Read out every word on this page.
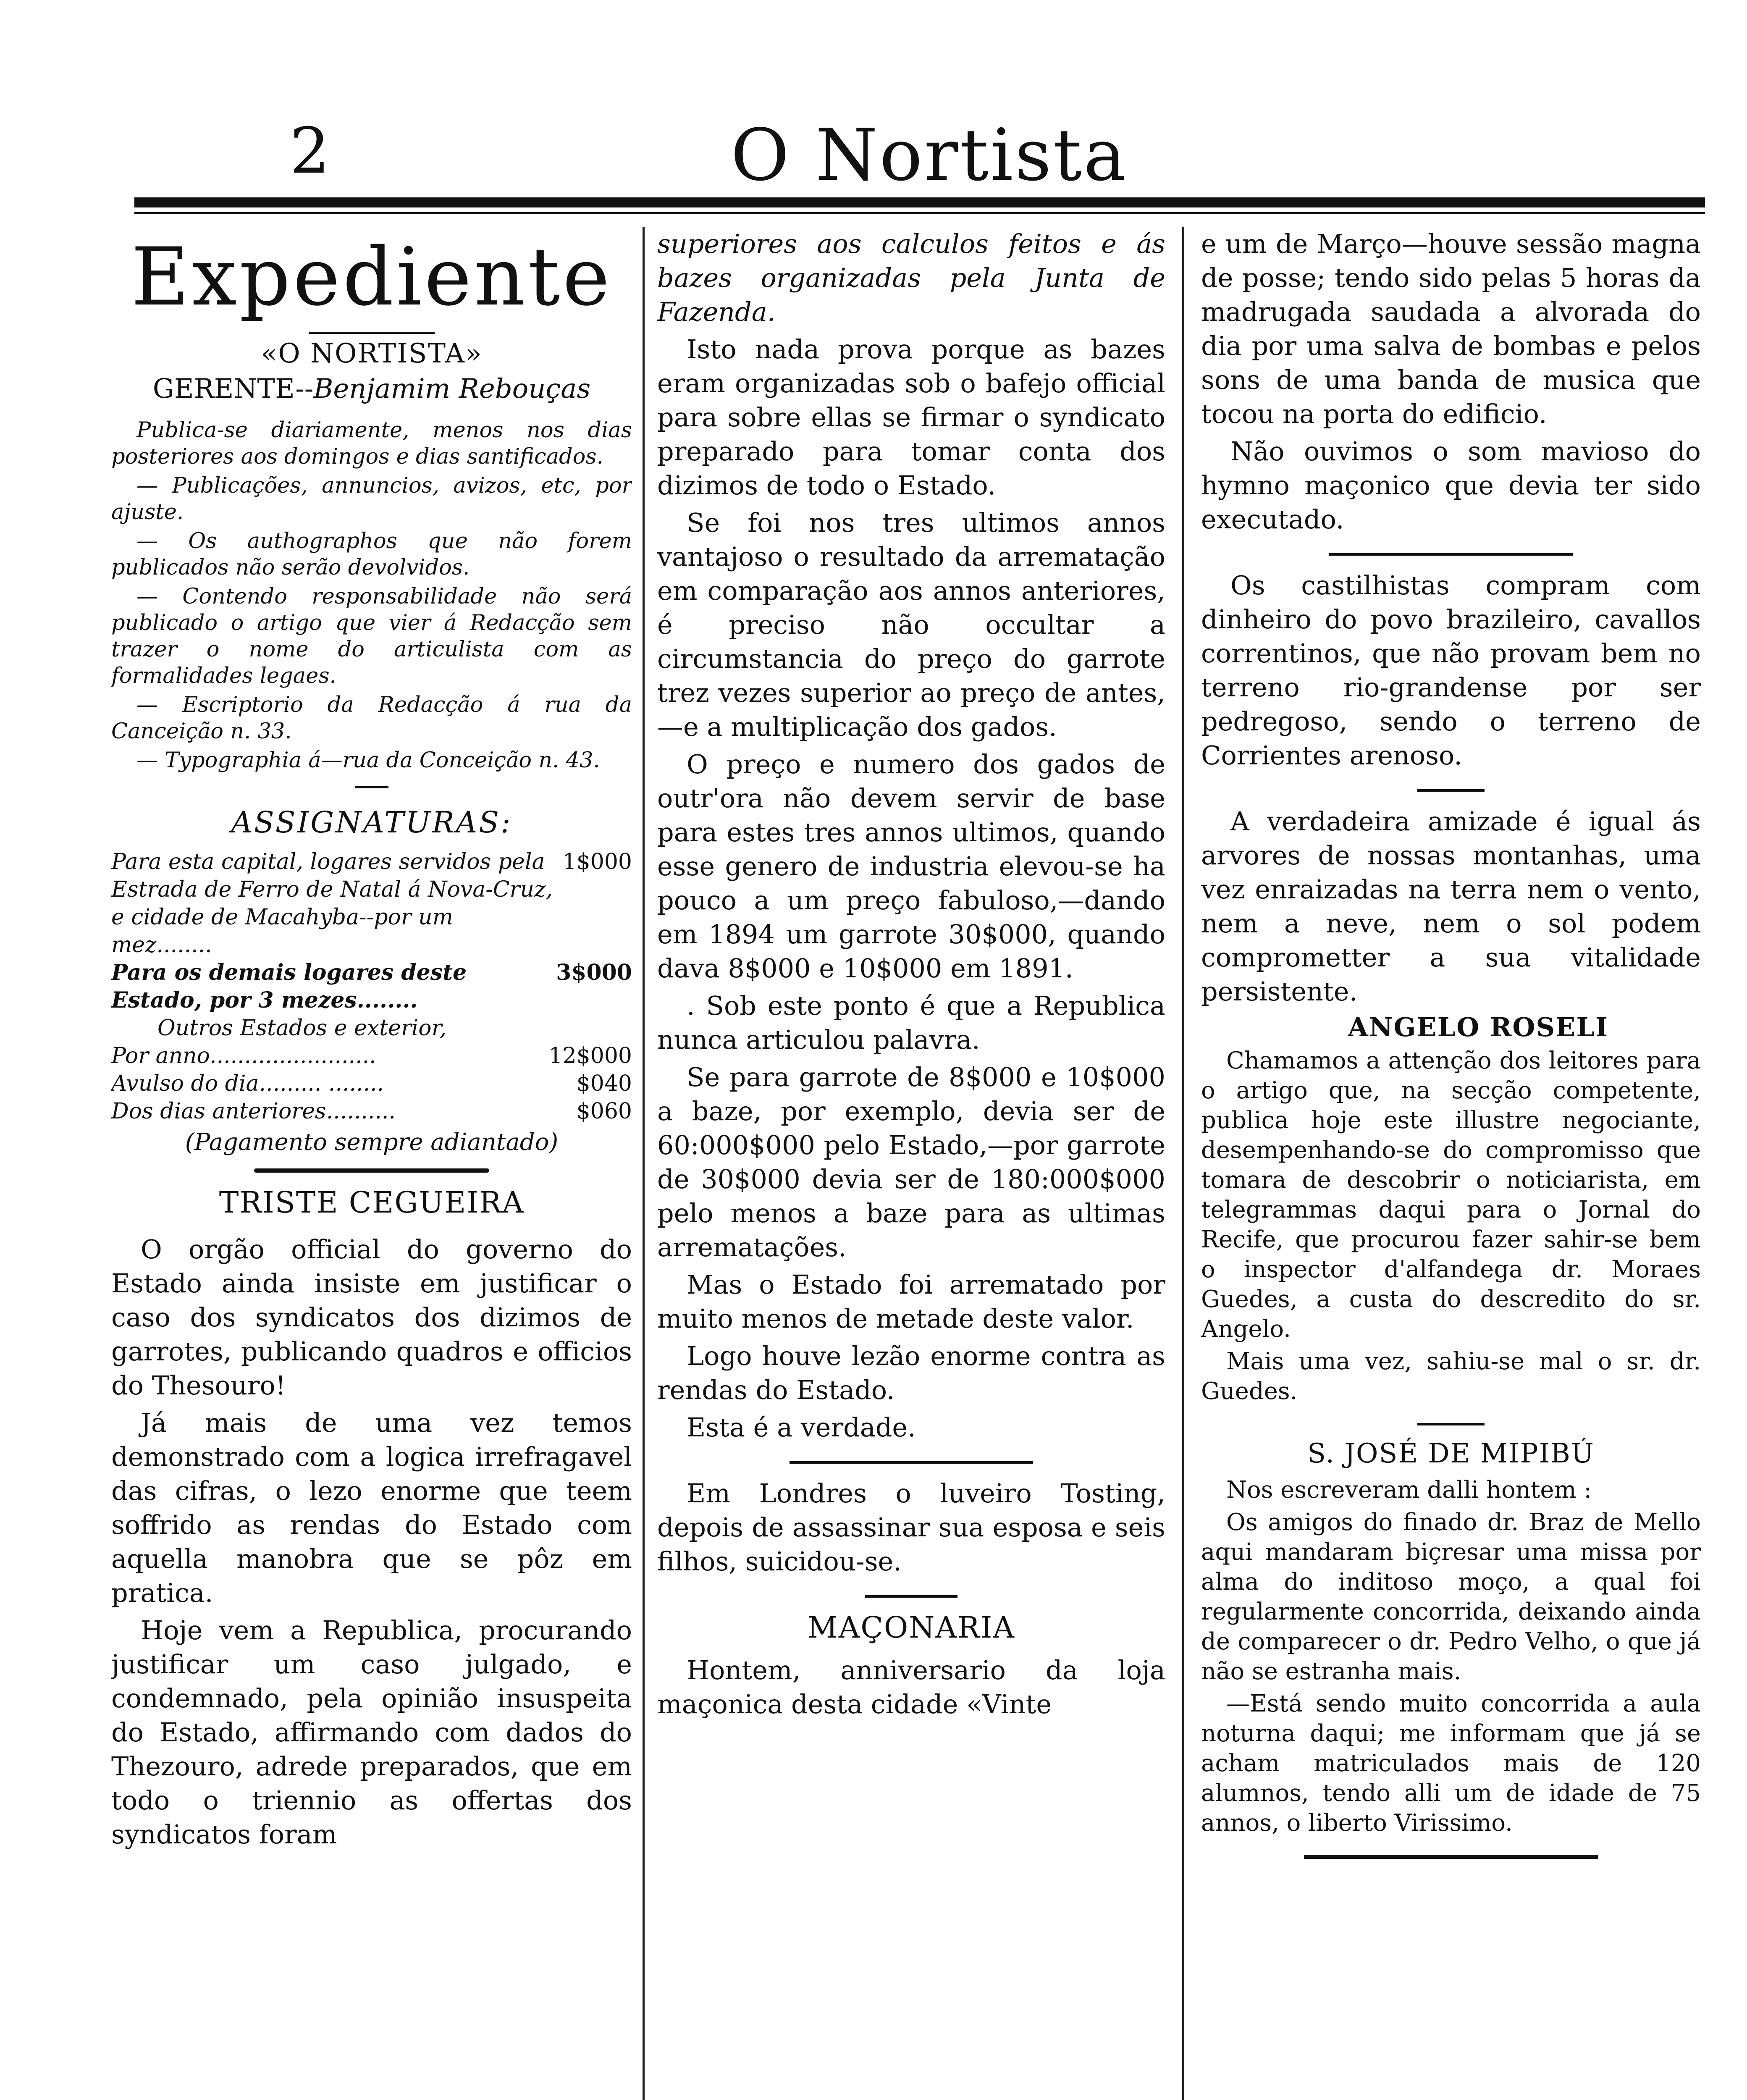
2	O Nortista
Expediente
«O NORTISTA»
GERENTE--Benjamim Rebouças

Publica-se diariamente, menos nos dias posteriores aos domingos e dias santificados.

— Publicações, annuncios, avizos, etc, por ajuste.

— Os authographos que não forem publicados não serão devolvidos.

— Contendo responsabilidade não será publicado o artigo que vier á Redacção sem trazer o nome do articulista com as formalidades legaes.

— Escriptorio da Redacção á rua da Canceição n. 33.

— Typographia á—rua da Conceição n. 43.

ASSIGNATURAS:
Para esta capital, logares servidos pela Estrada de Ferro de Natal á Nova-Cruz, e cidade de Macahyba--por um mez........
1$000
Para os demais logares deste Estado, por 3 mezes........
3$000
Outros Estados e exterior,
Por anno........................	12$000
Avulso do dia......... ........	$040
Dos dias anteriores..........	$060
(Pagamento sempre adiantado)
TRISTE CEGUEIRA

O orgão official do governo do Estado ainda insiste em justificar o caso dos syndicatos dos dizimos de garrotes, publicando quadros e officios do Thesouro!

Já mais de uma vez temos demonstrado com a logica irrefragavel das cifras, o lezo enorme que teem soffrido as rendas do Estado com aquella manobra que se pôz em pratica.

Hoje vem a Republica, procurando justificar um caso julgado, e condemnado, pela opinião insuspeita do Estado, affirmando com dados do Thezouro, adrede preparados, que em todo o triennio as offertas dos syndicatos foram

superiores aos calculos feitos e ás bazes organizadas pela Junta de Fazenda.

Isto nada prova porque as bazes eram organizadas sob o bafejo official para sobre ellas se firmar o syndicato preparado para tomar conta dos dizimos de todo o Estado.

Se foi nos tres ultimos annos vantajoso o resultado da arrematação em comparação aos annos anteriores, é preciso não occultar a circumstancia do preço do garrote trez vezes superior ao preço de antes,—e a multiplicação dos gados.

O preço e numero dos gados de outr'ora não devem servir de base para estes tres annos ultimos, quando esse genero de industria elevou-se ha pouco a um preço fabuloso,—dando em 1894 um garrote 30$000, quando dava 8$000 e 10$000 em 1891.

. Sob este ponto é que a Republica nunca articulou palavra.

Se para garrote de 8$000 e 10$000 a baze, por exemplo, devia ser de 60:000$000 pelo Estado,—por garrote de 30$000 devia ser de 180:000$000 pelo menos a baze para as ultimas arrematações.

Mas o Estado foi arrematado por muito menos de metade deste valor.

Logo houve lezão enorme contra as rendas do Estado.

Esta é a verdade.

Em Londres o luveiro Tosting, depois de assassinar sua esposa e seis filhos, suicidou-se.

MAÇONARIA

Hontem, anniversario da loja maçonica desta cidade «Vinte

e um de Março—houve sessão magna de posse; tendo sido pelas 5 horas da madrugada saudada a alvorada do dia por uma salva de bombas e pelos sons de uma banda de musica que tocou na porta do edificio.

Não ouvimos o som mavioso do hymno maçonico que devia ter sido executado.

Os castilhistas compram com dinheiro do povo brazileiro, cavallos correntinos, que não provam bem no terreno rio-grandense por ser pedregoso, sendo o terreno de Corrientes arenoso.

A verdadeira amizade é igual ás arvores de nossas montanhas, uma vez enraizadas na terra nem o vento, nem a neve, nem o sol podem comprometter a sua vitalidade persistente.

ANGELO ROSELI

Chamamos a attenção dos leitores para o artigo que, na secção competente, publica hoje este illustre negociante, desempenhando-se do compromisso que tomara de descobrir o noticiarista, em telegrammas daqui para o Jornal do Recife, que procurou fazer sahir-se bem o inspector d'alfandega dr. Moraes Guedes, a custa do descredito do sr. Angelo.

Mais uma vez, sahiu-se mal o sr. dr. Guedes.

S. JOSÉ DE MIPIBÚ

Nos escreveram dalli hontem :

Os amigos do finado dr. Braz de Mello aqui mandaram biçresar uma missa por alma do inditoso moço, a qual foi regularmente concorrida, deixando ainda de comparecer o dr. Pedro Velho, o que já não se estranha mais.

—Está sendo muito concorrida a aula noturna daqui; me informam que já se acham matriculados mais de 120 alumnos, tendo alli um de idade de 75 annos, o liberto Virissimo.
